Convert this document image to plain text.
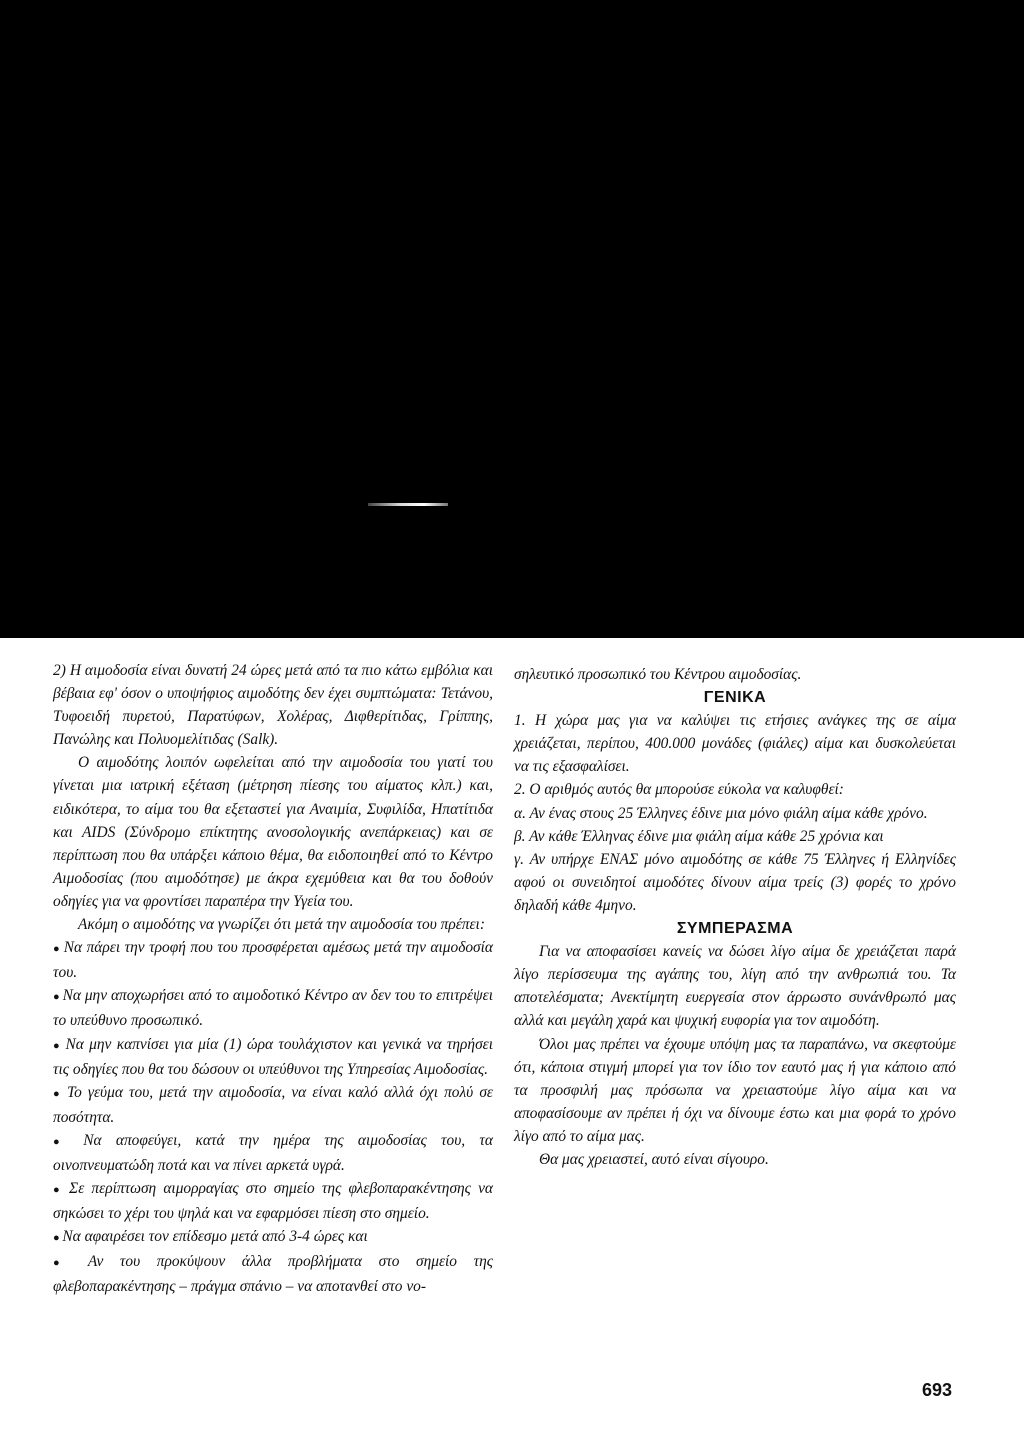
2) Η αιμοδοσία είναι δυνατή 24 ώρες μετά από τα πιο κάτω εμβόλια και βέβαια εφ' όσον ο υποψήφιος αιμοδότης δεν έχει συμπτώματα: Τετάνου, Τυφοειδή πυρετού, Παρατύφων, Χολέρας, Διφθερίτιδας, Γρίππης, Πανώλης και Πολυομελίτιδας (Salk).

Ο αιμοδότης λοιπόν ωφελείται από την αιμοδοσία του γιατί του γίνεται μια ιατρική εξέταση (μέτρηση πίεσης του αίματος κλπ.) και, ειδικότερα, το αίμα του θα εξεταστεί για Αναιμία, Συφιλίδα, Ηπατίτιδα και AIDS (Σύνδρομο επίκτητης ανοσολογικής ανεπάρκειας) και σε περίπτωση που θα υπάρξει κάποιο θέμα, θα ειδοποιηθεί από το Κέντρο Αιμοδοσίας (που αιμοδότησε) με άκρα εχεμύθεια και θα του δοθούν οδηγίες για να φροντίσει παραπέρα την Υγεία του.

Ακόμη ο αιμοδότης να γνωρίζει ότι μετά την αιμοδοσία του πρέπει:

● Να πάρει την τροφή που του προσφέρεται αμέσως μετά την αιμοδοσία του.

● Να μην αποχωρήσει από το αιμοδοτικό Κέντρο αν δεν του το επιτρέψει το υπεύθυνο προσωπικό.

● Να μην καπνίσει για μία (1) ώρα τουλάχιστον και γενικά να τηρήσει τις οδηγίες που θα του δώσουν οι υπεύθυνοι της Υπηρεσίας Αιμοδοσίας.

● Το γεύμα του, μετά την αιμοδοσία, να είναι καλό αλλά όχι πολύ σε ποσότητα.

● Να αποφεύγει, κατά την ημέρα της αιμοδοσίας του, τα οινοπνευματώδη ποτά και να πίνει αρκετά υγρά.

● Σε περίπτωση αιμορραγίας στο σημείο της φλεβοπαρακέντησης να σηκώσει το χέρι του ψηλά και να εφαρμόσει πίεση στο σημείο.

● Να αφαιρέσει τον επίδεσμο μετά από 3-4 ώρες και

● Αν του προκύψουν άλλα προβλήματα στο σημείο της φλεβοπαρακέντησης – πράγμα σπάνιο – να αποτανθεί στο νο-

σηλευτικό προσωπικό του Κέντρου αιμοδοσίας.

ΓΕΝΙΚΑ

1. Η χώρα μας για να καλύψει τις ετήσιες ανάγκες της σε αίμα χρειάζεται, περίπου, 400.000 μονάδες (φιάλες) αίμα και δυσκολεύεται να τις εξασφαλίσει.

2. Ο αριθμός αυτός θα μπορούσε εύκολα να καλυφθεί:

α. Αν ένας στους 25 Έλληνες έδινε μια μόνο φιάλη αίμα κάθε χρόνο.

β. Αν κάθε Έλληνας έδινε μια φιάλη αίμα κάθε 25 χρόνια και

γ. Αν υπήρχε ΕΝΑΣ μόνο αιμοδότης σε κάθε 75 Έλληνες ή Ελληνίδες αφού οι συνειδητοί αιμοδότες δίνουν αίμα τρείς (3) φορές το χρόνο δηλαδή κάθε 4μηνο.

ΣΥΜΠΕΡΑΣΜΑ

Για να αποφασίσει κανείς να δώσει λίγο αίμα δε χρειάζεται παρά λίγο περίσσευμα της αγάπης του, λίγη από την ανθρωπιά του. Τα αποτελέσματα; Ανεκτίμητη ευεργεσία στον άρρωστο συνάνθρωπό μας αλλά και μεγάλη χαρά και ψυχική ευφορία για τον αιμοδότη.

Όλοι μας πρέπει να έχουμε υπόψη μας τα παραπάνω, να σκεφτούμε ότι, κάποια στιγμή μπορεί για τον ίδιο τον εαυτό μας ή για κάποιο από τα προσφιλή μας πρόσωπα να χρειαστούμε λίγο αίμα και να αποφασίσουμε αν πρέπει ή όχι να δίνουμε έστω και μια φορά το χρόνο λίγο από το αίμα μας.

Θα μας χρειαστεί, αυτό είναι σίγουρο.

693
